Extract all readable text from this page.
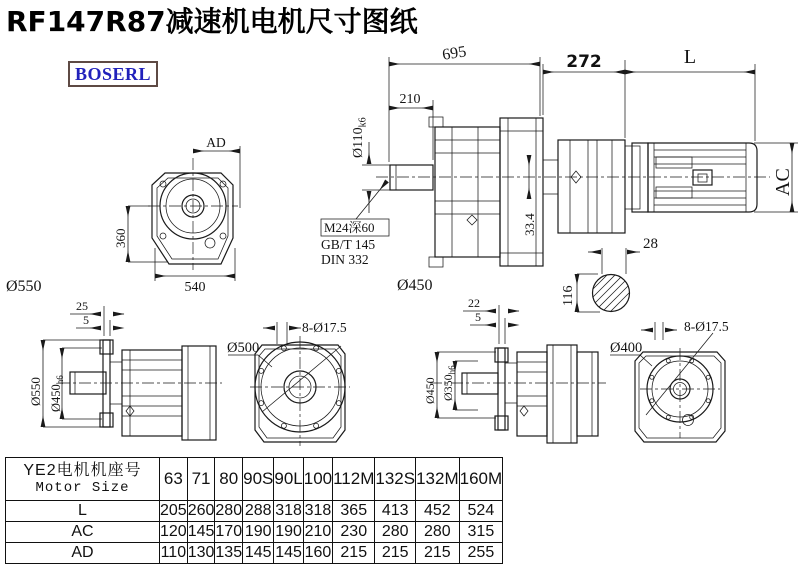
RF147R87减速机电机尺寸图纸
BOSERL
AD
360
540
Ø550
695
210
272	L
$Ø110_{k6}$
M24深60
GB/T 145
DIN 332
33.4
Ø450
AC
28
116
25
5
Ø550 $Ø450_{h6}$
8-Ø17.5
Ø500
22
5
Ø450 $Ø350_{h6}$
8-Ø17.5
Ø400
YE2电机机座号
Motor Size	63	71	80	90S	90L	100	112M	132S	132M	160M
L	205	260	280	288	318	318	365	413	452	524
AC	120	145	170	190	190	210	230	280	280	315
AD	110	130	135	145	145	160	215	215	215	255
